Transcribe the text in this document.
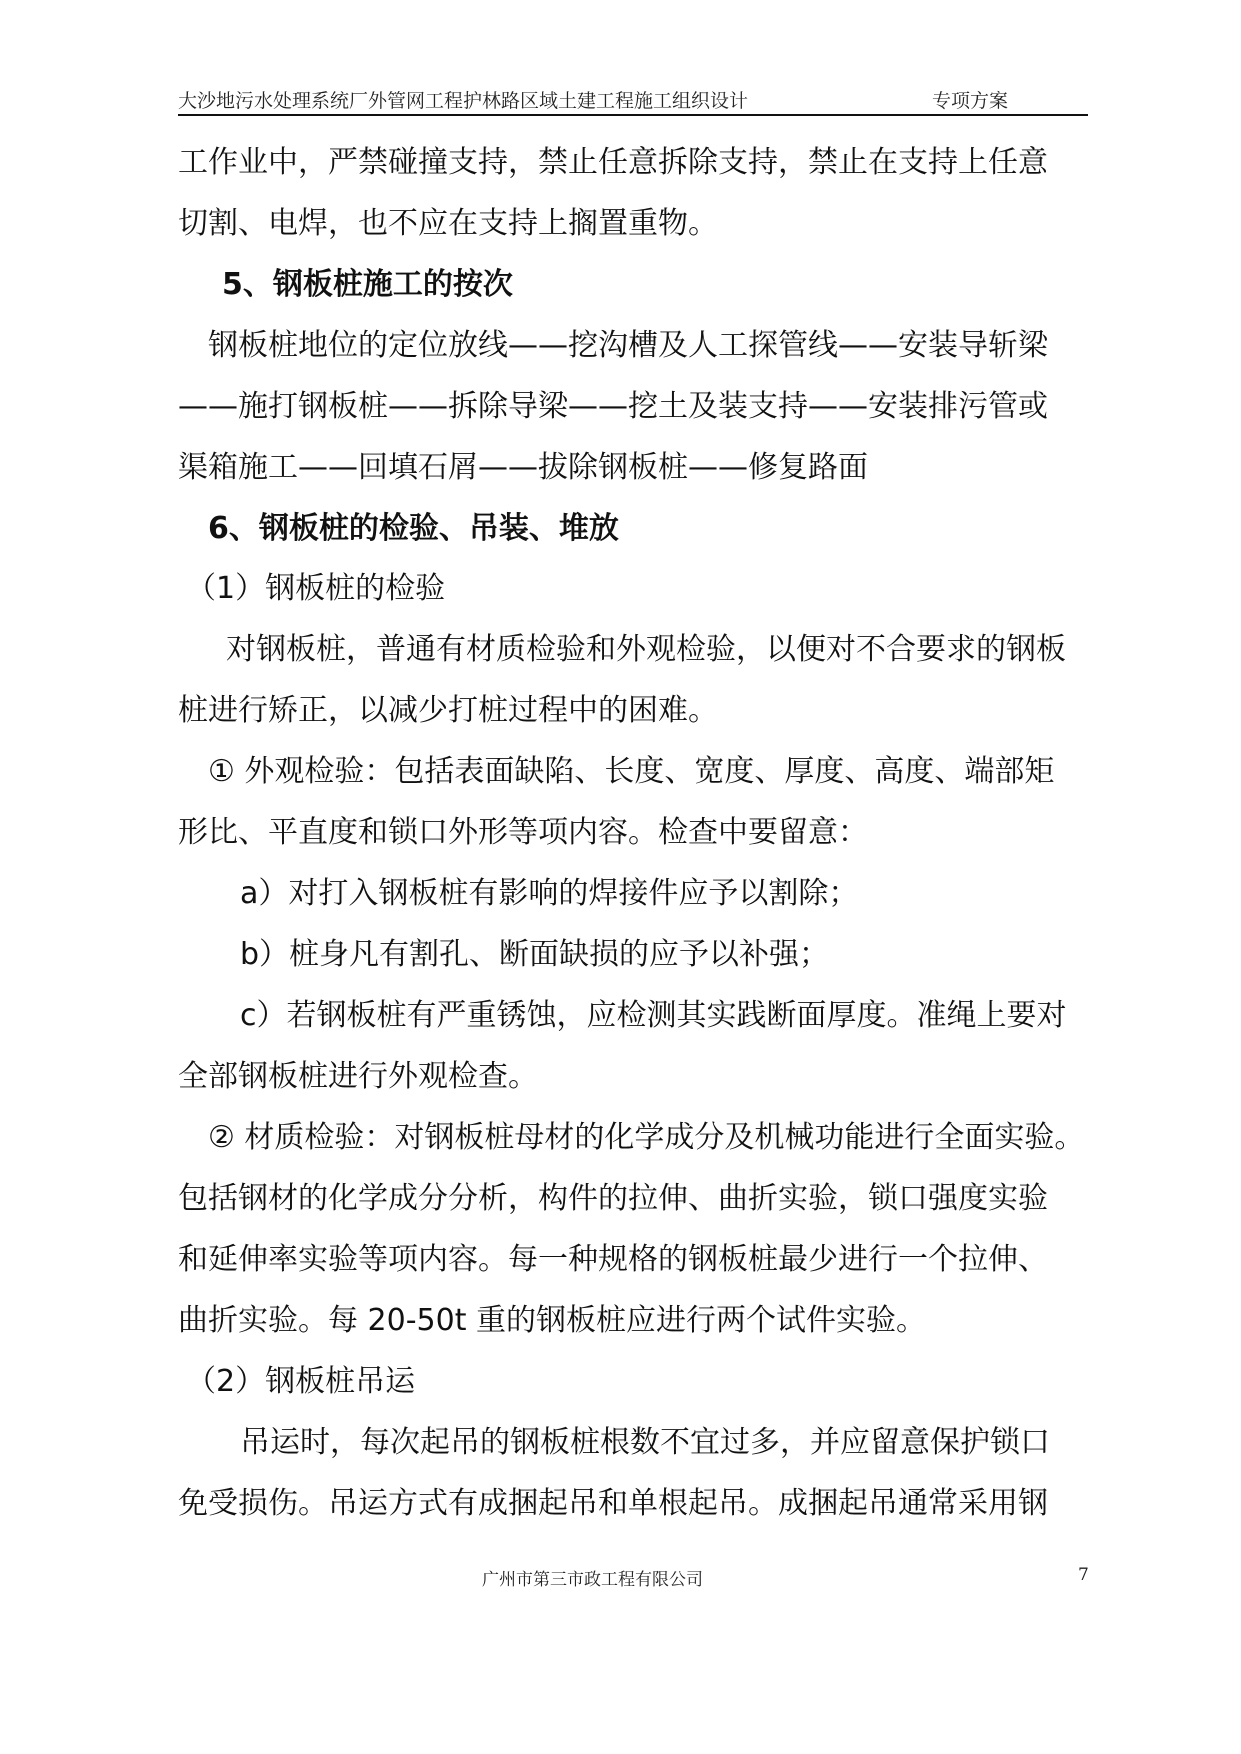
大沙地污水处理系统厂外管网工程护林路区域土建工程施工组织设计	专项方案
工作业中，严禁碰撞支持，禁止任意拆除支持，禁止在支持上任意
切割、电焊，也不应在支持上搁置重物。
5、钢板桩施工的按次
钢板桩地位的定位放线——挖沟槽及人工探管线——安装导斩梁
——施打钢板桩——拆除导梁——挖土及装支持——安装排污管或
渠箱施工——回填石屑——拔除钢板桩——修复路面
6、钢板桩的检验、吊装、堆放
（1）钢板桩的检验
对钢板桩，普通有材质检验和外观检验，以便对不合要求的钢板
桩进行矫正，以减少打桩过程中的困难。
① 外观检验：包括表面缺陷、长度、宽度、厚度、高度、端部矩
形比、平直度和锁口外形等项内容。检查中要留意：
a）对打入钢板桩有影响的焊接件应予以割除；
b）桩身凡有割孔、断面缺损的应予以补强；
c）若钢板桩有严重锈蚀，应检测其实践断面厚度。准绳上要对
全部钢板桩进行外观检查。
② 材质检验：对钢板桩母材的化学成分及机械功能进行全面实验。
包括钢材的化学成分分析，构件的拉伸、曲折实验，锁口强度实验
和延伸率实验等项内容。每一种规格的钢板桩最少进行一个拉伸、
曲折实验。每 20-50t 重的钢板桩应进行两个试件实验。
（2）钢板桩吊运
吊运时，每次起吊的钢板桩根数不宜过多，并应留意保护锁口
免受损伤。吊运方式有成捆起吊和单根起吊。成捆起吊通常采用钢
广州市第三市政工程有限公司	7
